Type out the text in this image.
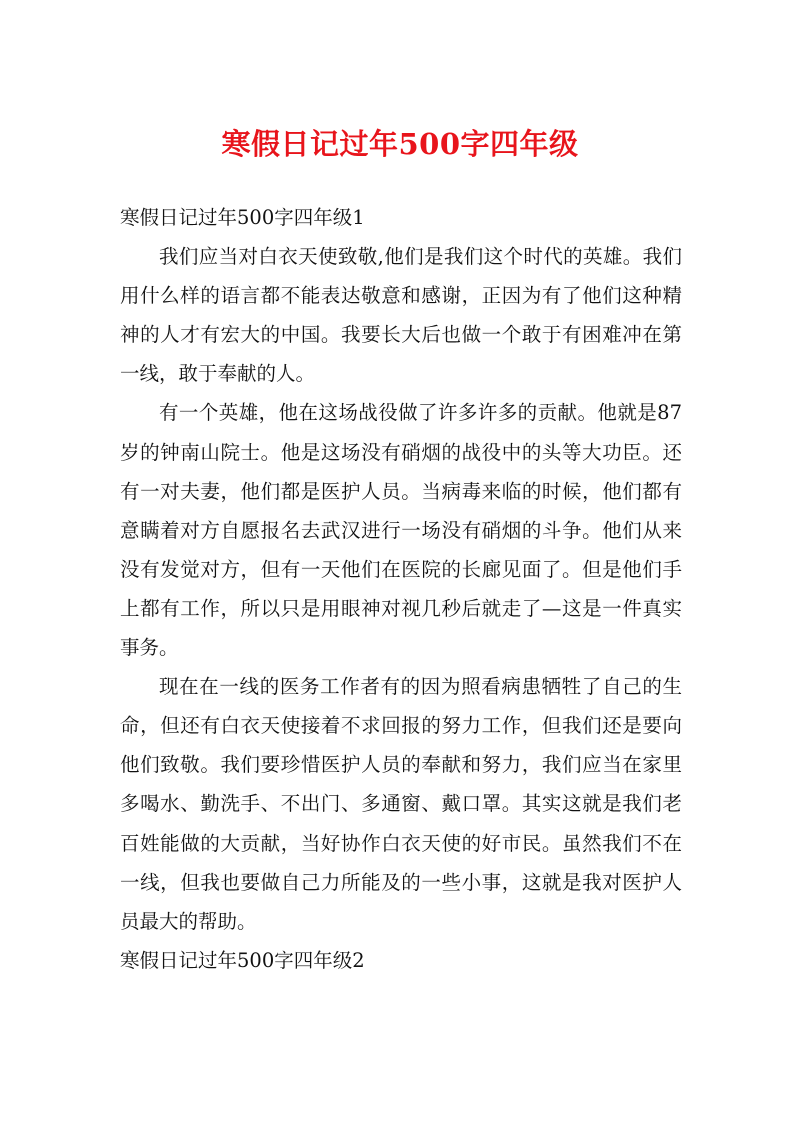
寒假日记过年500字四年级

寒假日记过年500字四年级1

我们应当对白衣天使致敬,他们是我们这个时代的英雄。我们用什么样的语言都不能表达敬意和感谢，正因为有了他们这种精神的人才有宏大的中国。我要长大后也做一个敢于有困难冲在第一线，敢于奉献的人。

有一个英雄，他在这场战役做了许多许多的贡献。他就是87岁的钟南山院士。他是这场没有硝烟的战役中的头等大功臣。还有一对夫妻，他们都是医护人员。当病毒来临的时候，他们都有意瞒着对方自愿报名去武汉进行一场没有硝烟的斗争。他们从来没有发觉对方，但有一天他们在医院的长廊见面了。但是他们手上都有工作，所以只是用眼神对视几秒后就走了—这是一件真实事务。

现在在一线的医务工作者有的因为照看病患牺牲了自己的生命，但还有白衣天使接着不求回报的努力工作，但我们还是要向他们致敬。我们要珍惜医护人员的奉献和努力，我们应当在家里多喝水、勤洗手、不出门、多通窗、戴口罩。其实这就是我们老百姓能做的大贡献，当好协作白衣天使的好市民。虽然我们不在一线，但我也要做自己力所能及的一些小事，这就是我对医护人员最大的帮助。

寒假日记过年500字四年级2
